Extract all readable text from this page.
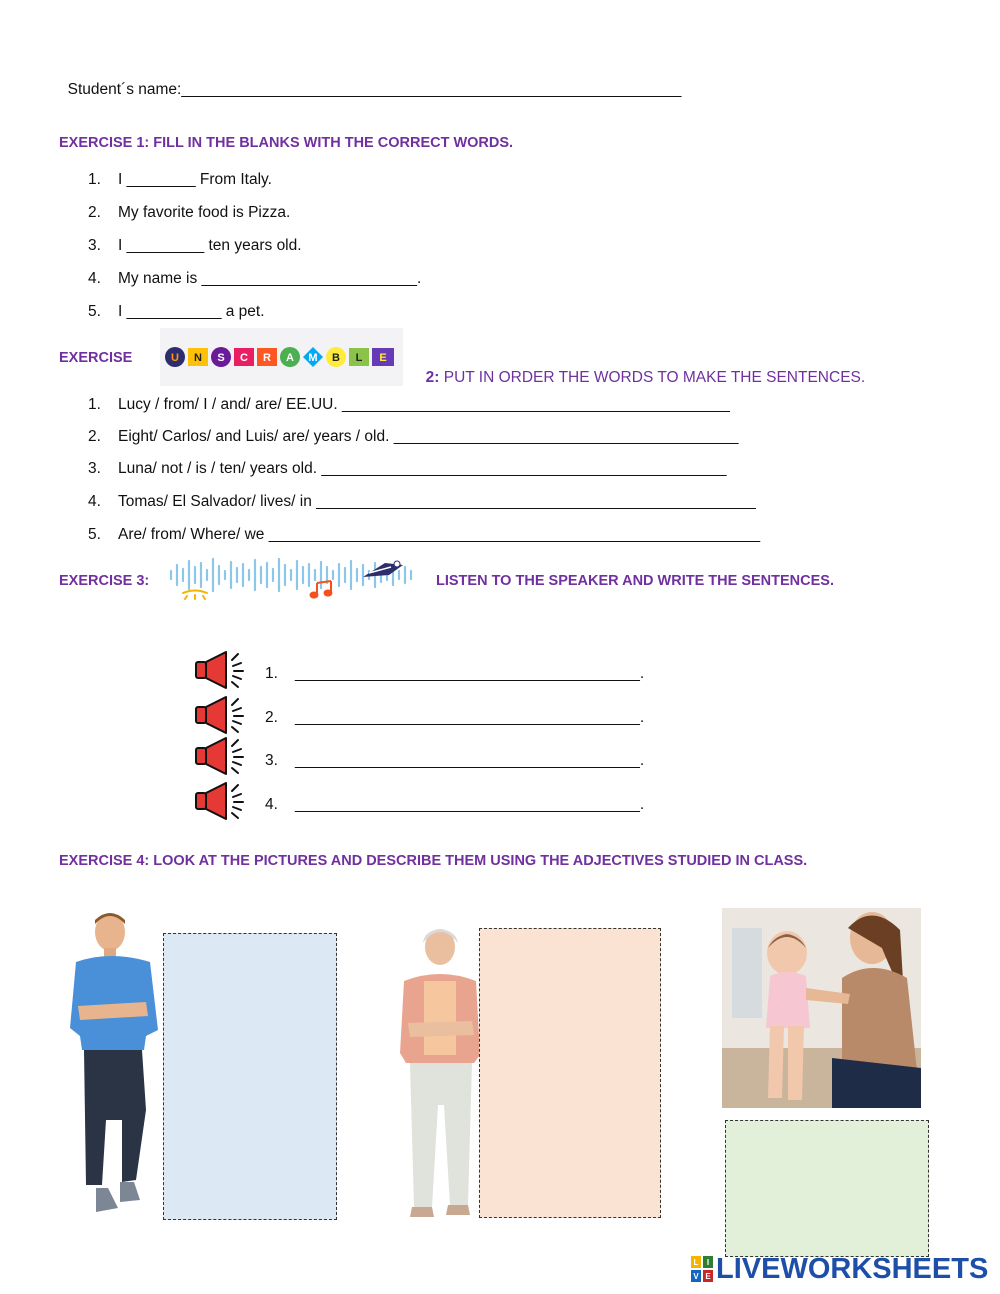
Student´s name:__________________________________________________________

EXERCISE 1: FILL IN THE BLANKS WITH THE CORRECT WORDS.
1. I ________ From Italy.
2. My favorite food is Pizza.
3. I _________ ten years old.
4. My name is _________________________.
5. I ___________ a pet.
EXERCISE	U N S C R A M B L E

2: PUT IN ORDER THE WORDS TO MAKE THE SENTENCES.

1. Lucy / from/ I / and/ are/ EE.UU. _____________________________________________
2. Eight/ Carlos/ and Luis/ are/ years / old. ________________________________________
3. Luna/ not / is / ten/ years old. _______________________________________________
4. Tomas/ El Salvador/ lives/ in ___________________________________________________
5. Are/ from/ Where/ we _________________________________________________________
EXERCISE 3:	LISTEN TO THE SPEAKER AND WRITE THE SENTENCES.
1. ________________________________________.
2. ________________________________________.
3. ________________________________________.
4. ________________________________________.
EXERCISE 4: LOOK AT THE PICTURES AND DESCRIBE THEM USING THE ADJECTIVES STUDIED IN CLASS.
L I
V E LIVEWORKSHEETS
